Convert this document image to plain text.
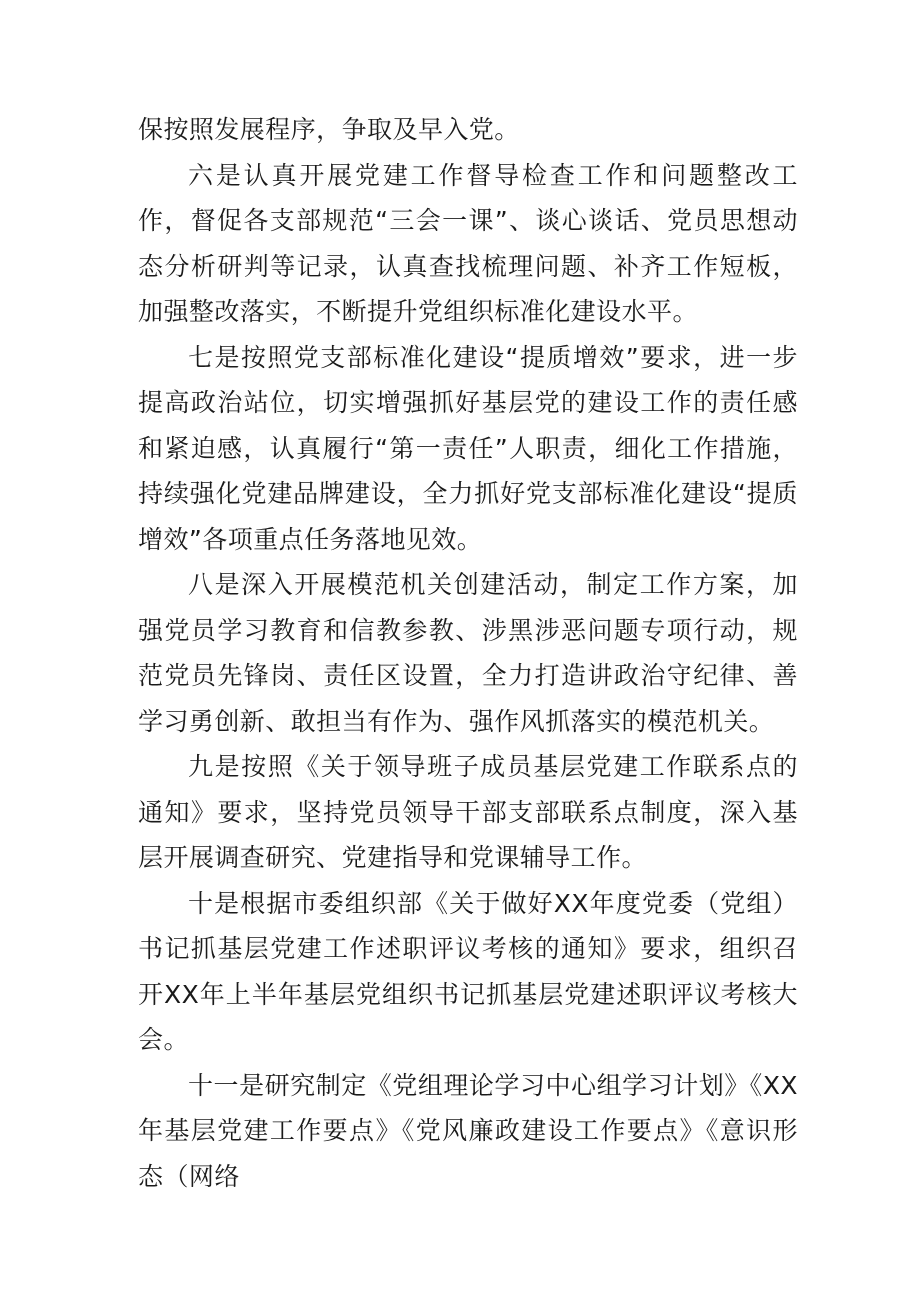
保按照发展程序，争取及早入党。

六是认真开展党建工作督导检查工作和问题整改工作，督促各支部规范“三会一课”、谈心谈话、党员思想动态分析研判等记录，认真查找梳理问题、补齐工作短板，加强整改落实，不断提升党组织标准化建设水平。

七是按照党支部标准化建设“提质增效”要求，进一步提高政治站位，切实增强抓好基层党的建设工作的责任感和紧迫感，认真履行“第一责任”人职责，细化工作措施，持续强化党建品牌建设，全力抓好党支部标准化建设“提质增效”各项重点任务落地见效。

八是深入开展模范机关创建活动，制定工作方案，加强党员学习教育和信教参教、涉黑涉恶问题专项行动，规范党员先锋岗、责任区设置，全力打造讲政治守纪律、善学习勇创新、敢担当有作为、强作风抓落实的模范机关。

九是按照《关于领导班子成员基层党建工作联系点的通知》要求，坚持党员领导干部支部联系点制度，深入基层开展调查研究、党建指导和党课辅导工作。

十是根据市委组织部《关于做好XX年度党委（党组）书记抓基层党建工作述职评议考核的通知》要求，组织召开XX年上半年基层党组织书记抓基层党建述职评议考核大会。

十一是研究制定《党组理论学习中心组学习计划》《XX年基层党建工作要点》《党风廉政建设工作要点》《意识形态（网络
